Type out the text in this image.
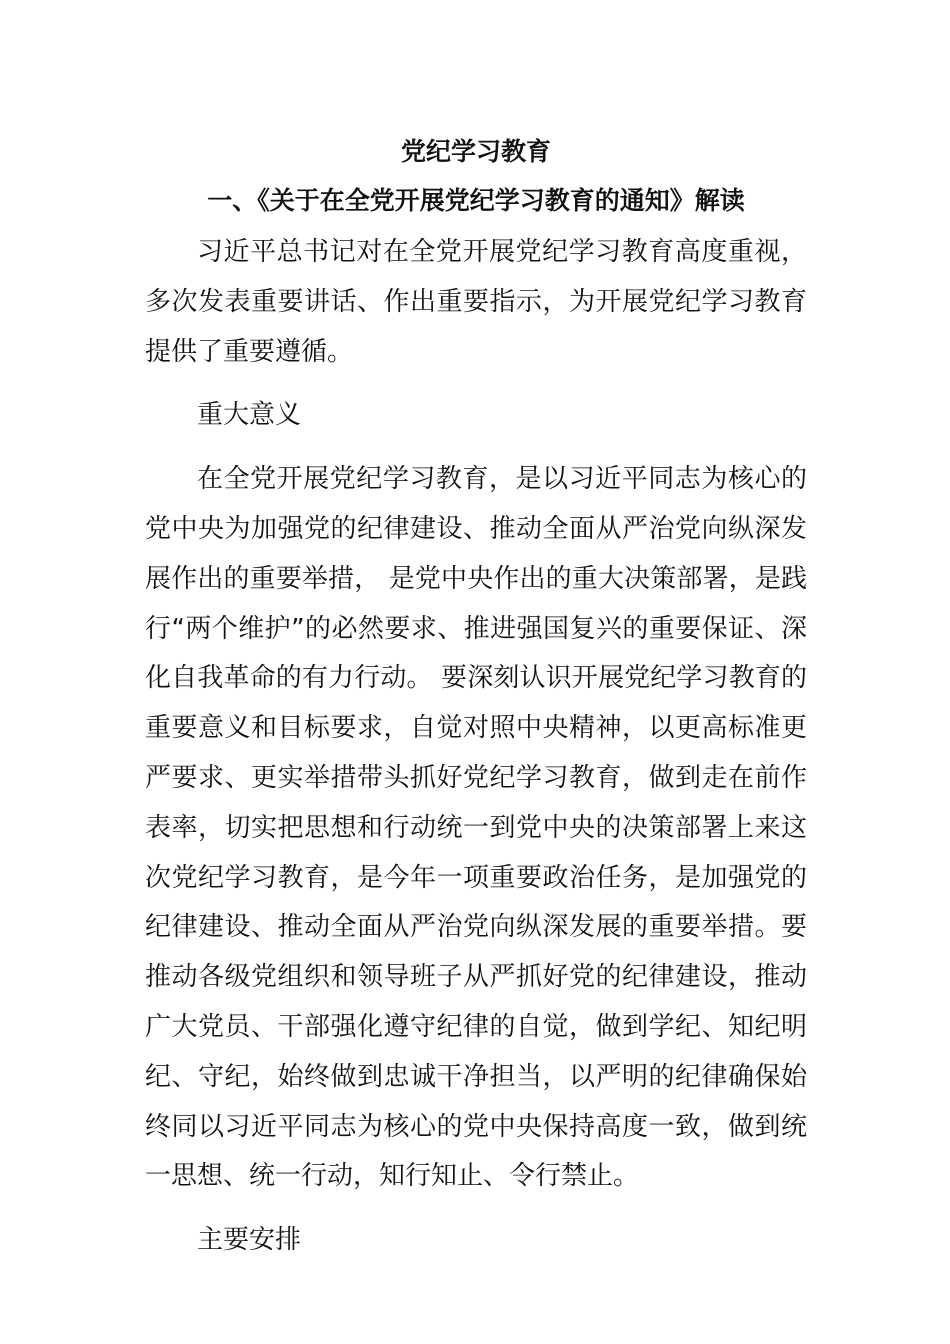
党纪学习教育
一、《关于在全党开展党纪学习教育的通知》解读

习近平总书记对在全党开展党纪学习教育高度重视，多次发表重要讲话、作出重要指示，为开展党纪学习教育提供了重要遵循。

重大意义

在全党开展党纪学习教育，是以习近平同志为核心的党中央为加强党的纪律建设、推动全面从严治党向纵深发展作出的重要举措， 是党中央作出的重大决策部署，是践行“两个维护”的必然要求、推进强国复兴的重要保证、深化自我革命的有力行动。 要深刻认识开展党纪学习教育的重要意义和目标要求，自觉对照中央精神，以更高标准更严要求、更实举措带头抓好党纪学习教育，做到走在前作表率，切实把思想和行动统一到党中央的决策部署上来这次党纪学习教育，是今年一项重要政治任务，是加强党的纪律建设、推动全面从严治党向纵深发展的重要举措。要推动各级党组织和领导班子从严抓好党的纪律建设，推动广大党员、干部强化遵守纪律的自觉，做到学纪、知纪明纪、守纪，始终做到忠诚干净担当，以严明的纪律确保始终同以习近平同志为核心的党中央保持高度一致，做到统一思想、统一行动，知行知止、令行禁止。

主要安排
